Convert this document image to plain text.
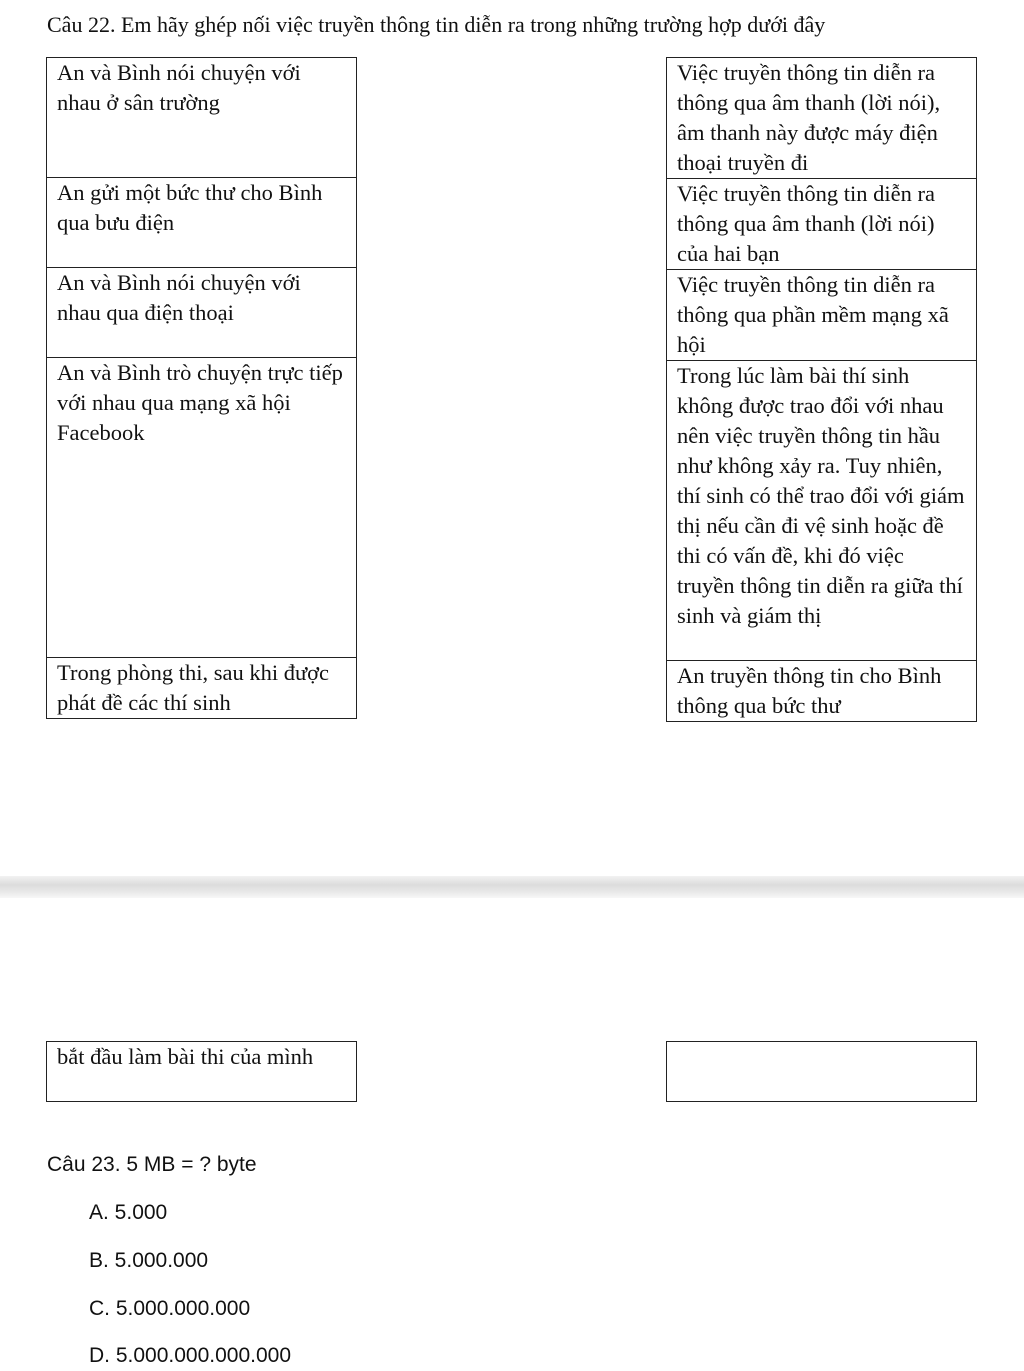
Câu 22. Em hãy ghép nối việc truyền thông tin diễn ra trong những trường hợp dưới đây
An và Bình nói chuyện với nhau ở sân trường
An gửi một bức thư cho Bình qua bưu điện
An và Bình nói chuyện với nhau qua điện thoại
An và Bình trò chuyện trực tiếp với nhau qua mạng xã hội Facebook
Trong phòng thi, sau khi được phát đề các thí sinh
Việc truyền thông tin diễn ra thông qua âm thanh (lời nói), âm thanh này được máy điện thoại truyền đi
Việc truyền thông tin diễn ra thông qua âm thanh (lời nói) của hai bạn
Việc truyền thông tin diễn ra thông qua phần mềm mạng xã hội
Trong lúc làm bài thí sinh không được trao đổi với nhau nên việc truyền thông tin hầu như không xảy ra. Tuy nhiên, thí sinh có thể trao đổi với giám thị nếu cần đi vệ sinh hoặc đề thi có vấn đề, khi đó việc truyền thông tin diễn ra giữa thí sinh và giám thị
An truyền thông tin cho Bình thông qua bức thư
bắt đầu làm bài thi của mình
Câu 23. 5 MB = ? byte
A. 5.000
B. 5.000.000
C. 5.000.000.000
D. 5.000.000.000.000
